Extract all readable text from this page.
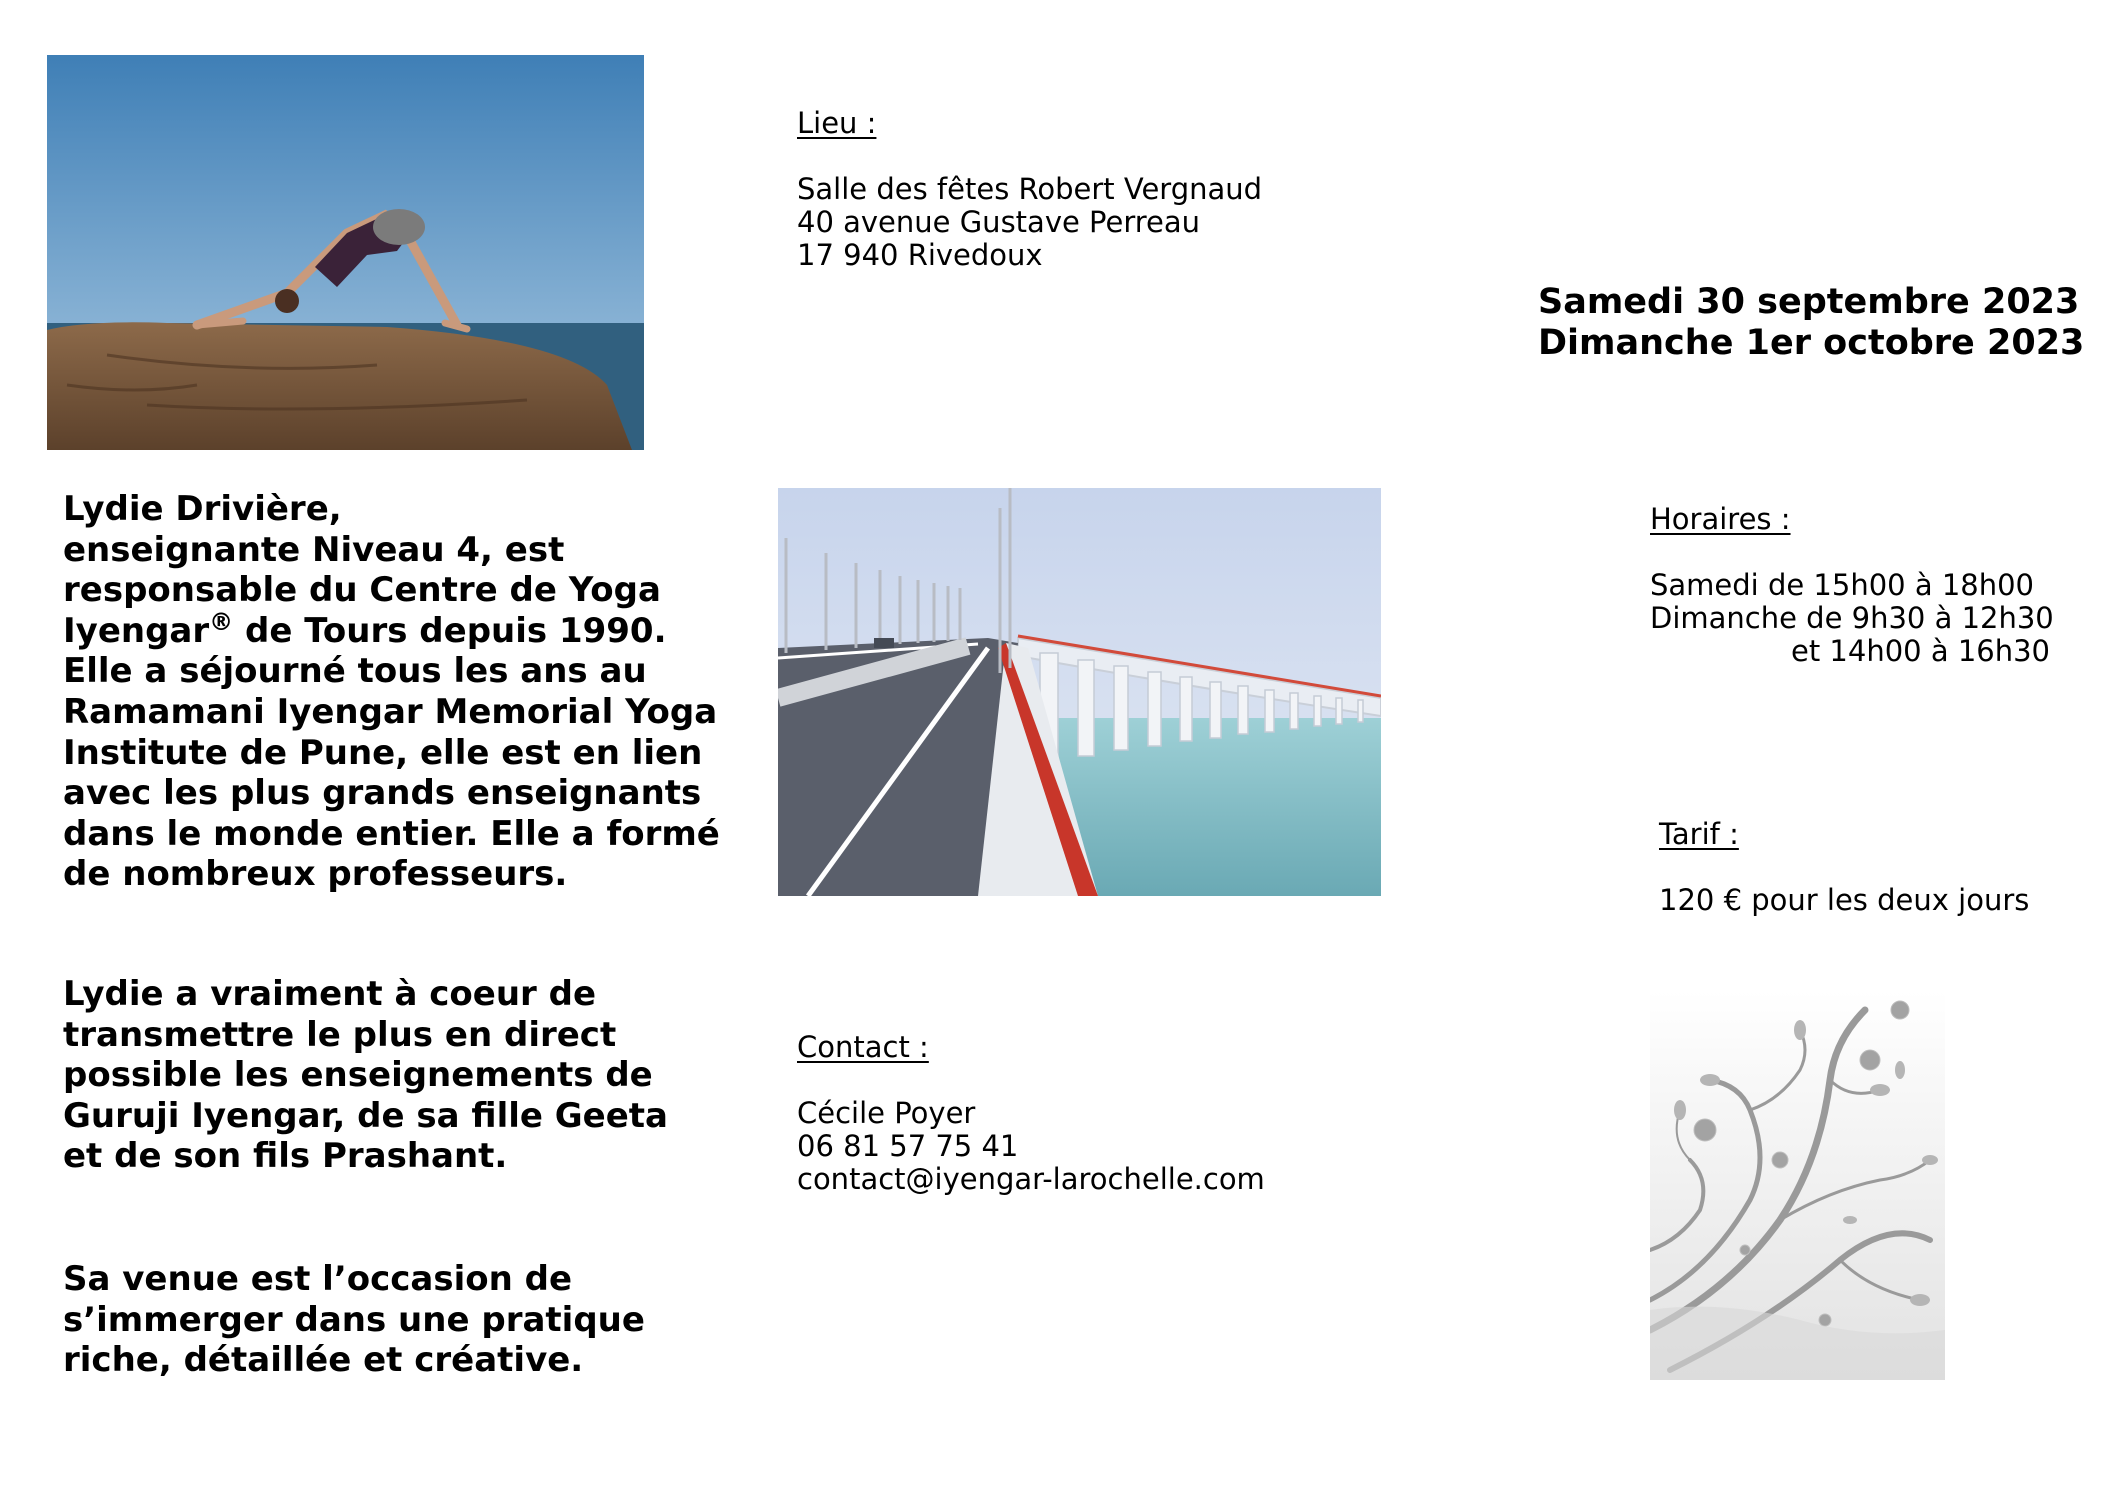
Lieu :
Salle des fêtes Robert Vergnaud
40 avenue Gustave Perreau
17 940 Rivedoux
Samedi 30 septembre 2023
Dimanche 1er octobre 2023
Lydie Drivière,
enseignante Niveau 4, est
responsable du Centre de Yoga
Iyengar® de Tours depuis 1990.
Elle a séjourné tous les ans au
Ramamani Iyengar Memorial Yoga
Institute de Pune, elle est en lien
avec les plus grands enseignants
dans le monde entier. Elle a formé
de nombreux professeurs.
Lydie a vraiment à coeur de
transmettre le plus en direct
possible les enseignements de
Guruji Iyengar, de sa fille Geeta
et de son fils Prashant.
Sa venue est l’occasion de
s’immerger dans une pratique
riche, détaillée et créative.
Horaires :
Samedi de 15h00 à 18h00
Dimanche de 9h30 à 12h30
et 14h00 à 16h30
Tarif :
120 € pour les deux jours
Contact :
Cécile Poyer
06 81 57 75 41
contact@iyengar-larochelle.com
